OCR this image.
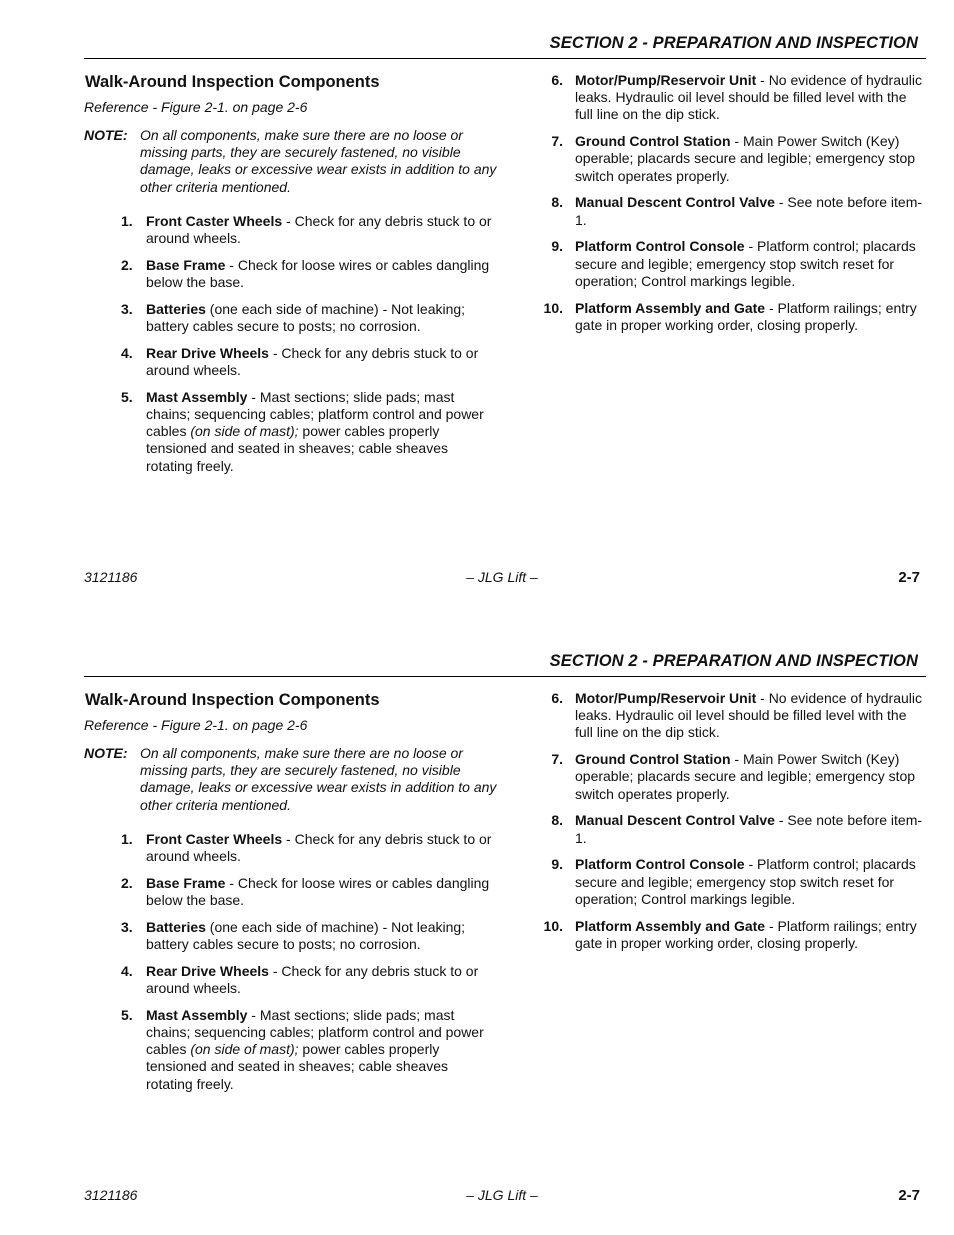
SECTION 2 - PREPARATION AND INSPECTION
Walk-Around Inspection Components
Reference - Figure 2-1. on page 2-6
NOTE: On all components, make sure there are no loose or missing parts, they are securely fastened, no visible damage, leaks or excessive wear exists in addition to any other criteria mentioned.
1. Front Caster Wheels - Check for any debris stuck to or around wheels.
2. Base Frame - Check for loose wires or cables dangling below the base.
3. Batteries (one each side of machine) - Not leaking; battery cables secure to posts; no corrosion.
4. Rear Drive Wheels - Check for any debris stuck to or around wheels.
5. Mast Assembly - Mast sections; slide pads; mast chains; sequencing cables; platform control and power cables (on side of mast); power cables properly tensioned and seated in sheaves; cable sheaves rotating freely.
6. Motor/Pump/Reservoir Unit - No evidence of hydraulic leaks. Hydraulic oil level should be filled level with the full line on the dip stick.
7. Ground Control Station - Main Power Switch (Key) operable; placards secure and legible; emergency stop switch operates properly.
8. Manual Descent Control Valve - See note before item-1.
9. Platform Control Console - Platform control; placards secure and legible; emergency stop switch reset for operation; Control markings legible.
10. Platform Assembly and Gate - Platform railings; entry gate in proper working order, closing properly.
3121186	– JLG Lift –	2-7
SECTION 2 - PREPARATION AND INSPECTION
Walk-Around Inspection Components
Reference - Figure 2-1. on page 2-6
NOTE: On all components, make sure there are no loose or missing parts, they are securely fastened, no visible damage, leaks or excessive wear exists in addition to any other criteria mentioned.
1. Front Caster Wheels - Check for any debris stuck to or around wheels.
2. Base Frame - Check for loose wires or cables dangling below the base.
3. Batteries (one each side of machine) - Not leaking; battery cables secure to posts; no corrosion.
4. Rear Drive Wheels - Check for any debris stuck to or around wheels.
5. Mast Assembly - Mast sections; slide pads; mast chains; sequencing cables; platform control and power cables (on side of mast); power cables properly tensioned and seated in sheaves; cable sheaves rotating freely.
6. Motor/Pump/Reservoir Unit - No evidence of hydraulic leaks. Hydraulic oil level should be filled level with the full line on the dip stick.
7. Ground Control Station - Main Power Switch (Key) operable; placards secure and legible; emergency stop switch operates properly.
8. Manual Descent Control Valve - See note before item-1.
9. Platform Control Console - Platform control; placards secure and legible; emergency stop switch reset for operation; Control markings legible.
10. Platform Assembly and Gate - Platform railings; entry gate in proper working order, closing properly.
3121186	– JLG Lift –	2-7
